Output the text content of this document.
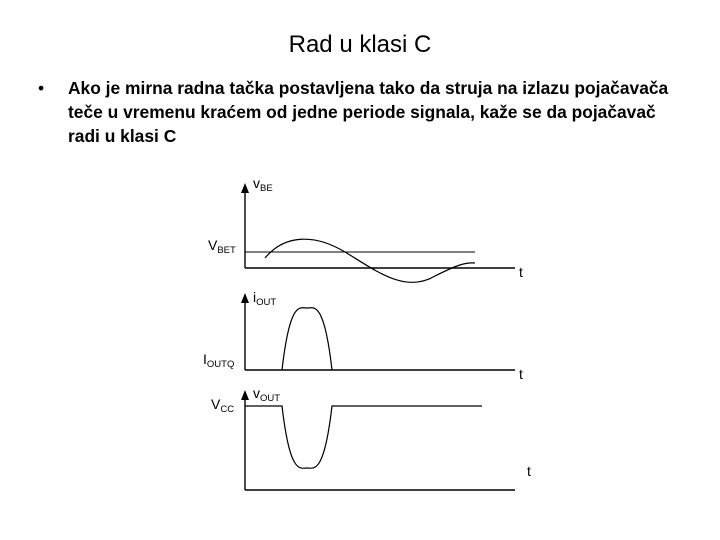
Rad u klasi C
• Ako je mirna radna tačka postavljena tako da struja na izlazu pojačavača teče u vremenu kraćem od jedne periode signala, kaže se da pojačavač radi u klasi C
$v_{BE}$
$V_{BET}$
t
$i_{OUT}$
$I_{OUTQ}$
t
$v_{OUT}$
$V_{CC}$
t
